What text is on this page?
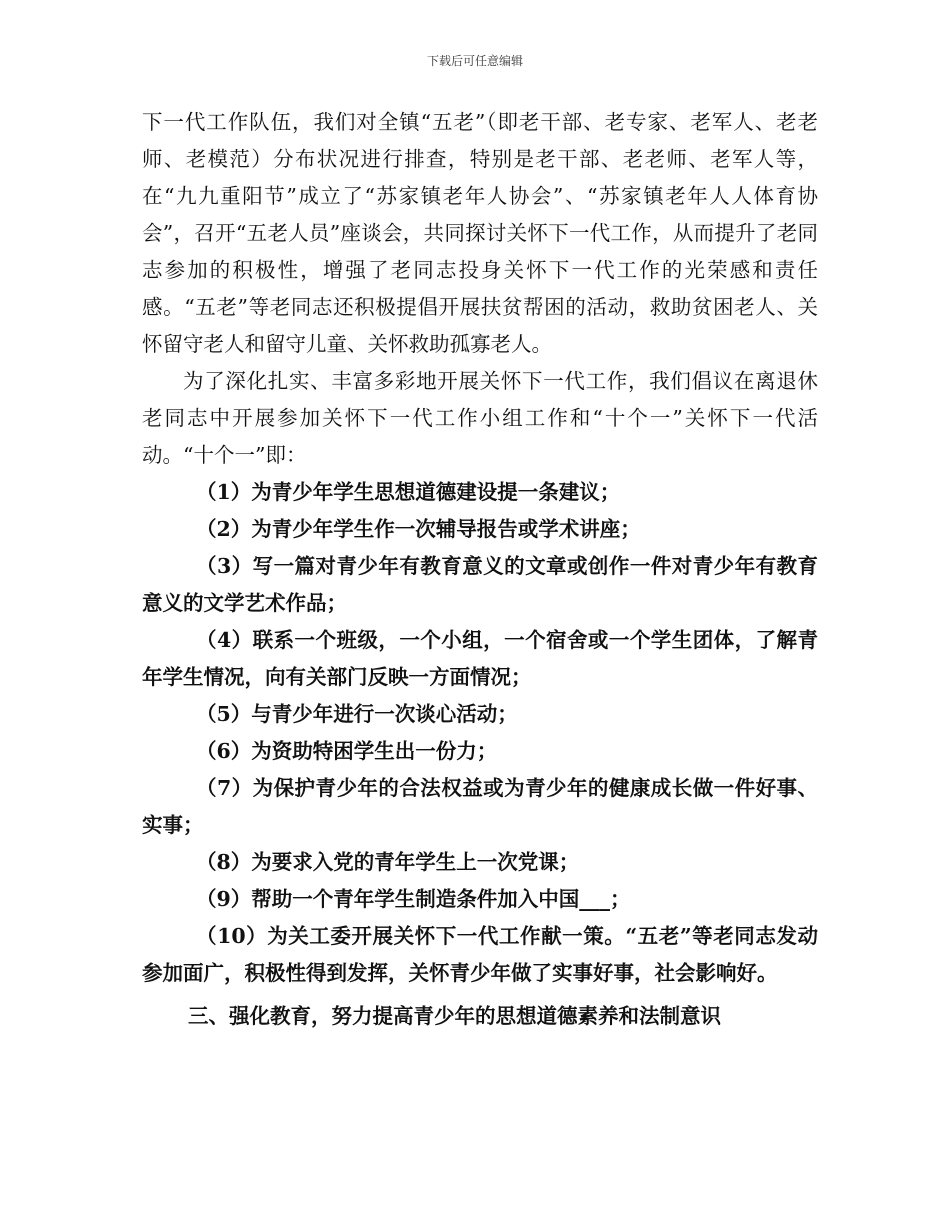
下载后可任意编辑

下一代工作队伍，我们对全镇“五老”（即老干部、老专家、老军人、老老师、老模范）分布状况进行排查，特别是老干部、老老师、老军人等，在“九九重阳节”成立了“苏家镇老年人协会”、“苏家镇老年人人体育协会”，召开“五老人员”座谈会，共同探讨关怀下一代工作，从而提升了老同志参加的积极性，增强了老同志投身关怀下一代工作的光荣感和责任感。“五老”等老同志还积极提倡开展扶贫帮困的活动，救助贫困老人、关怀留守老人和留守儿童、关怀救助孤寡老人。

为了深化扎实、丰富多彩地开展关怀下一代工作，我们倡议在离退休老同志中开展参加关怀下一代工作小组工作和“十个一”关怀下一代活动。“十个一”即：

（1）为青少年学生思想道德建设提一条建议；

（2）为青少年学生作一次辅导报告或学术讲座；

（3）写一篇对青少年有教育意义的文章或创作一件对青少年有教育意义的文学艺术作品；

（4）联系一个班级，一个小组，一个宿舍或一个学生团体，了解青年学生情况，向有关部门反映一方面情况；

（5）与青少年进行一次谈心活动；

（6）为资助特困学生出一份力；

（7）为保护青少年的合法权益或为青少年的健康成长做一件好事、实事；

（8）为要求入党的青年学生上一次党课；

（9）帮助一个青年学生制造条件加入中国___；

（10）为关工委开展关怀下一代工作献一策。“五老”等老同志发动参加面广，积极性得到发挥，关怀青少年做了实事好事，社会影响好。

三、强化教育，努力提高青少年的思想道德素养和法制意识
